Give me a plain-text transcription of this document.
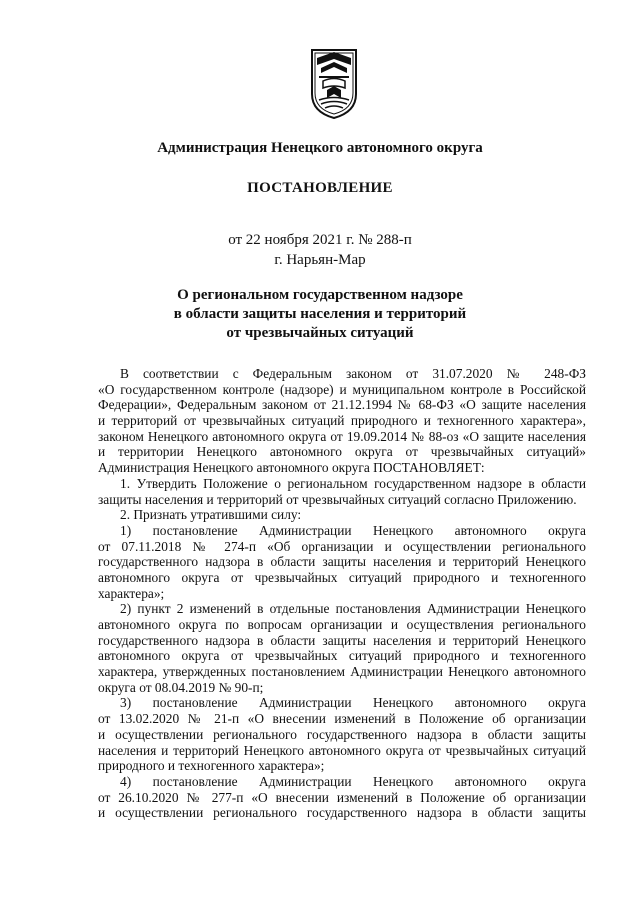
Администрация Ненецкого автономного округа
ПОСТАНОВЛЕНИЕ
от 22 ноября 2021 г. № 288-п
г. Нарьян-Мар
О региональном государственном надзоре
в области защиты населения и территорий
от чрезвычайных ситуаций
В соответствии с Федеральным законом от 31.07.2020 № 248-ФЗ
«О государственном контроле (надзоре) и муниципальном контроле в Российской
Федерации», Федеральным законом от 21.12.1994 № 68-ФЗ «О защите населения
и территорий от чрезвычайных ситуаций природного и техногенного характера»,
законом Ненецкого автономного округа от 19.09.2014 № 88-оз «О защите населения
и территории Ненецкого автономного округа от чрезвычайных ситуаций»
Администрация Ненецкого автономного округа ПОСТАНОВЛЯЕТ:
1. Утвердить Положение о региональном государственном надзоре в области
защиты населения и территорий от чрезвычайных ситуаций согласно Приложению.
2. Признать утратившими силу:
1) постановление Администрации Ненецкого автономного округа
от 07.11.2018 № 274-п «Об организации и осуществлении регионального
государственного надзора в области защиты населения и территорий Ненецкого
автономного округа от чрезвычайных ситуаций природного и техногенного
характера»;
2) пункт 2 изменений в отдельные постановления Администрации Ненецкого
автономного округа по вопросам организации и осуществления регионального
государственного надзора в области защиты населения и территорий Ненецкого
автономного округа от чрезвычайных ситуаций природного и техногенного
характера, утвержденных постановлением Администрации Ненецкого автономного
округа от 08.04.2019 № 90-п;
3) постановление Администрации Ненецкого автономного округа
от 13.02.2020 № 21-п «О внесении изменений в Положение об организации
и осуществлении регионального государственного надзора в области защиты
населения и территорий Ненецкого автономного округа от чрезвычайных ситуаций
природного и техногенного характера»;
4) постановление Администрации Ненецкого автономного округа
от 26.10.2020 № 277-п «О внесении изменений в Положение об организации
и осуществлении регионального государственного надзора в области защиты
